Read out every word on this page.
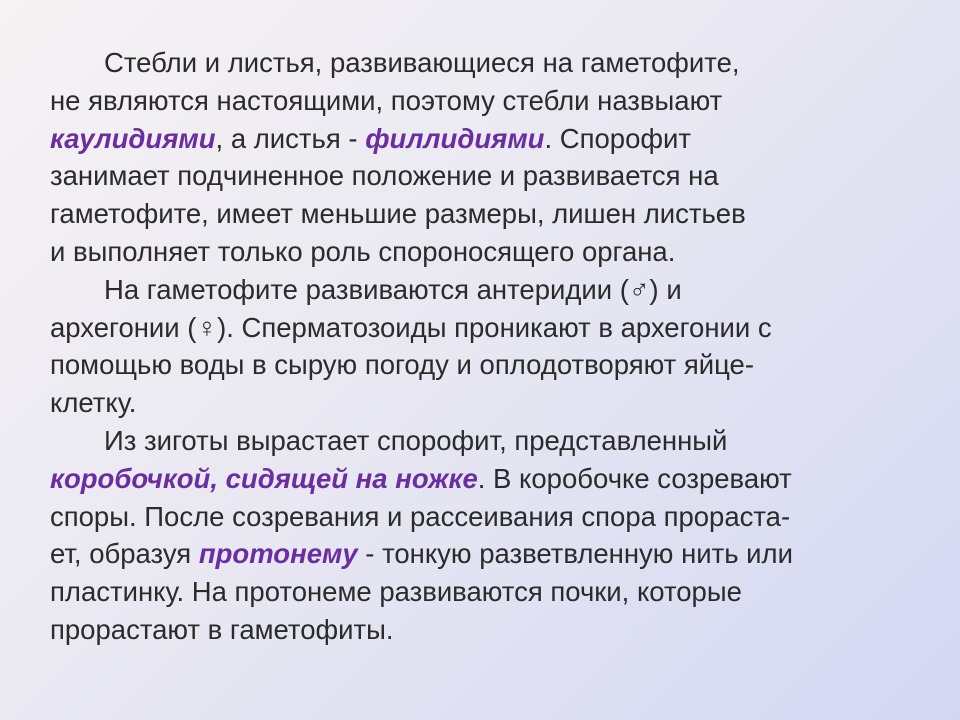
Стебли и листья, развивающиеся на гаметофите,
не являются настоящими, поэтому стебли назвыают
каулидиями, а листья - филлидиями. Спорофит
занимает подчиненное положение и развивается на
гаметофите, имеет меньшие размеры, лишен листьев
и выполняет только роль спороносящего органа.
На гаметофите развиваются антеридии (♂) и
архегонии (♀). Сперматозоиды проникают в архегонии с
помощью воды в сырую погоду и оплодотворяют яйце-
клетку.
Из зиготы вырастает спорофит, представленный
коробочкой, сидящей на ножке. В коробочке созревают
споры. После созревания и рассеивания спора прораста-
ет, образуя протонему - тонкую разветвленную нить или
пластинку. На протонеме развиваются почки, которые
прорастают в гаметофиты.
